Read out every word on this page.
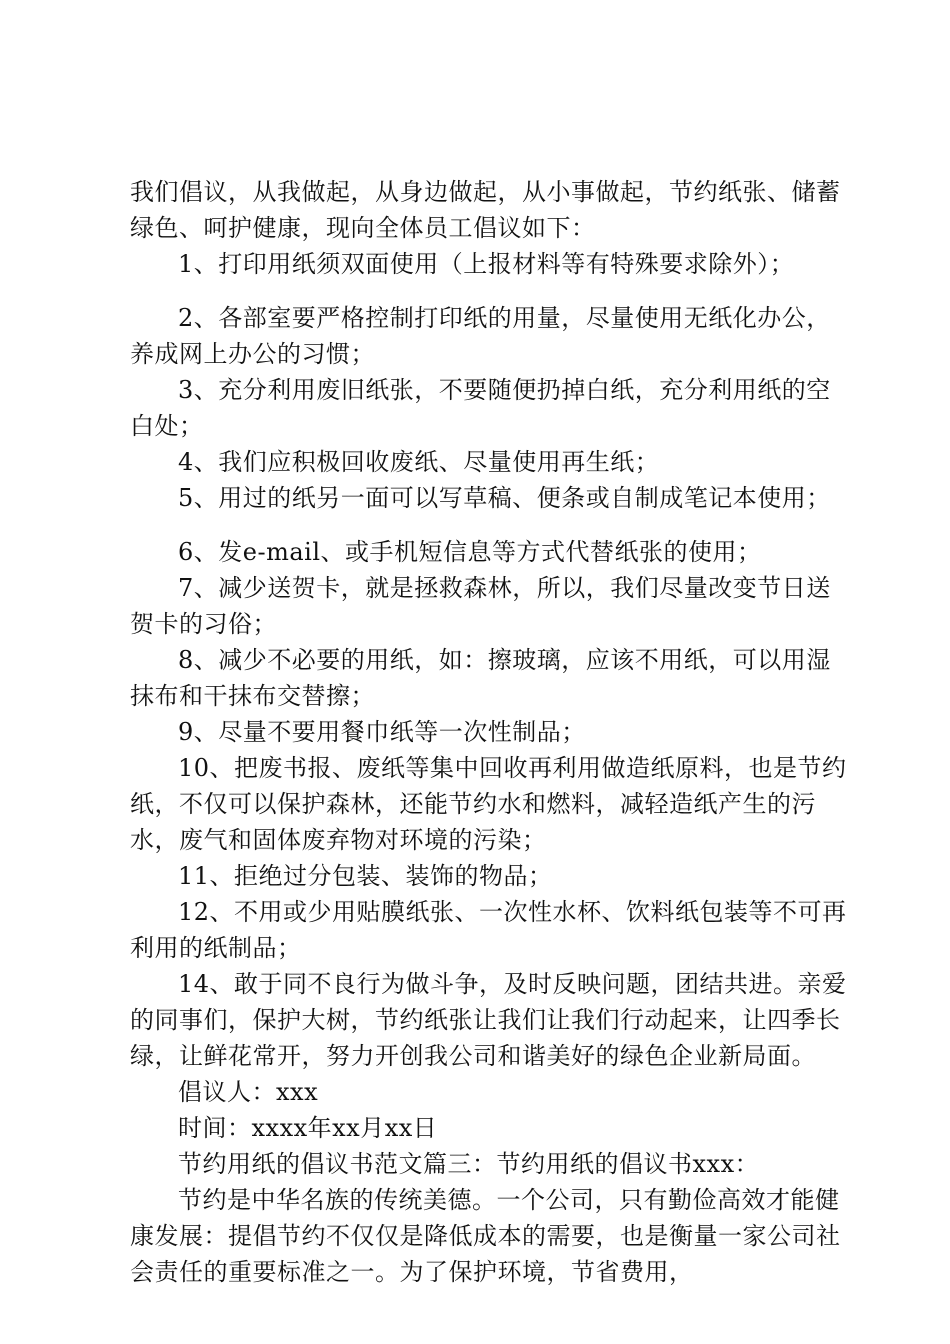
我们倡议，从我做起，从身边做起，从小事做起，节约纸张、储蓄绿色、呵护健康，现向全体员工倡议如下：

1、打印用纸须双面使用（上报材料等有特殊要求除外）；

2、各部室要严格控制打印纸的用量，尽量使用无纸化办公，养成网上办公的习惯；

3、充分利用废旧纸张，不要随便扔掉白纸，充分利用纸的空白处；

4、我们应积极回收废纸、尽量使用再生纸；

5、用过的纸另一面可以写草稿、便条或自制成笔记本使用；

6、发e-mail、或手机短信息等方式代替纸张的使用；

7、减少送贺卡，就是拯救森林，所以，我们尽量改变节日送贺卡的习俗；

8、减少不必要的用纸，如：擦玻璃，应该不用纸，可以用湿抹布和干抹布交替擦；

9、尽量不要用餐巾纸等一次性制品；

10、把废书报、废纸等集中回收再利用做造纸原料，也是节约纸，不仅可以保护森林，还能节约水和燃料，减轻造纸产生的污水，废气和固体废弃物对环境的污染；

11、拒绝过分包装、装饰的物品；

12、不用或少用贴膜纸张、一次性水杯、饮料纸包装等不可再利用的纸制品；

14、敢于同不良行为做斗争，及时反映问题，团结共进。亲爱的同事们，保护大树，节约纸张让我们让我们行动起来，让四季长绿，让鲜花常开，努力开创我公司和谐美好的绿色企业新局面。

倡议人：xxx

时间：xxxx年xx月xx日

节约用纸的倡议书范文篇三：节约用纸的倡议书xxx：

节约是中华名族的传统美德。一个公司，只有勤俭高效才能健康发展：提倡节约不仅仅是降低成本的需要，也是衡量一家公司社会责任的重要标准之一。为了保护环境，节省费用，
